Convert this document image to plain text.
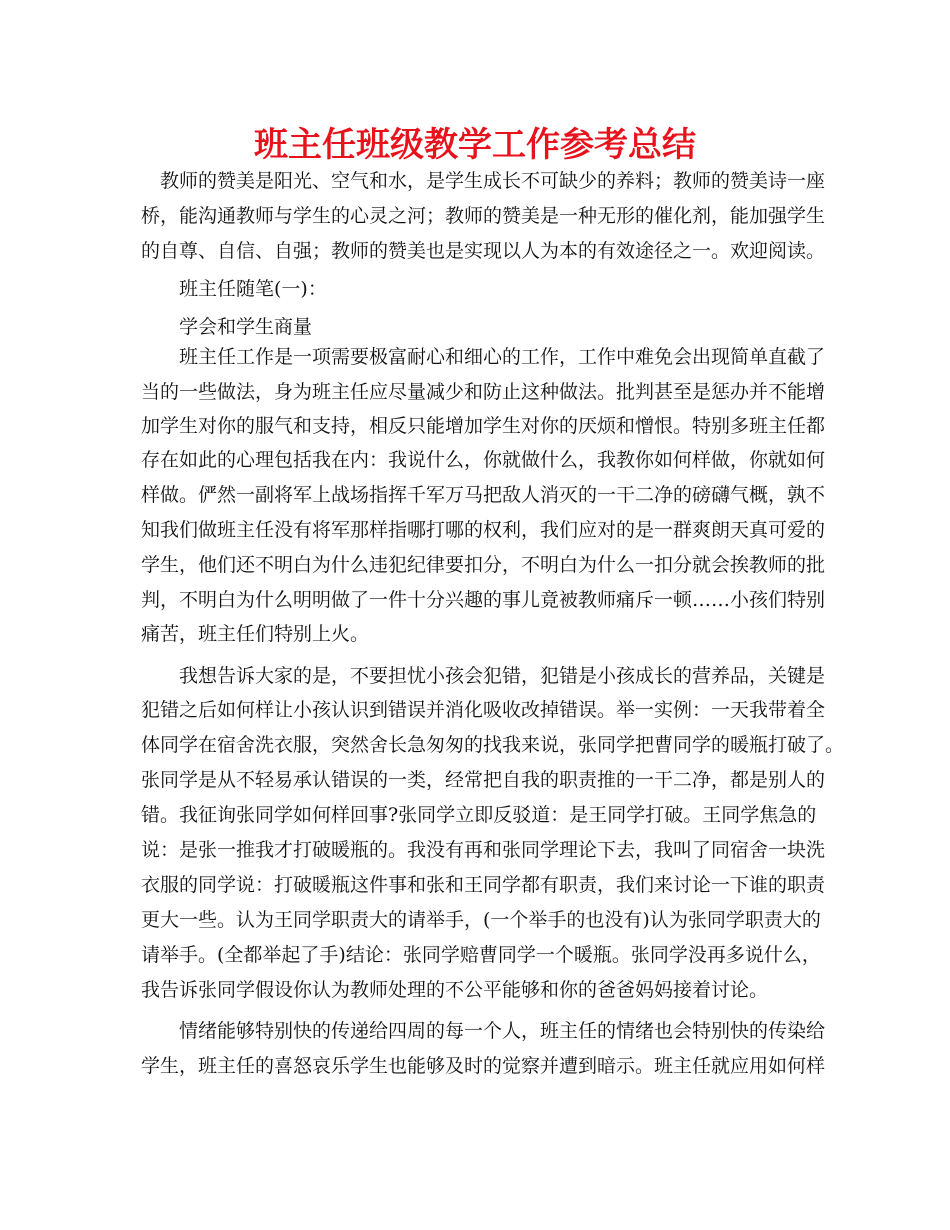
班主任班级教学工作参考总结
教师的赞美是阳光、空气和水，是学生成长不可缺少的养料；教师的赞美诗一座
桥，能沟通教师与学生的心灵之河；教师的赞美是一种无形的催化剂，能加强学生
的自尊、自信、自强；教师的赞美也是实现以人为本的有效途径之一。欢迎阅读。
班主任随笔(一)：
学会和学生商量
班主任工作是一项需要极富耐心和细心的工作，工作中难免会出现简单直截了
当的一些做法，身为班主任应尽量减少和防止这种做法。批判甚至是惩办并不能增
加学生对你的服气和支持，相反只能增加学生对你的厌烦和憎恨。特别多班主任都
存在如此的心理包括我在内：我说什么，你就做什么，我教你如何样做，你就如何
样做。俨然一副将军上战场指挥千军万马把敌人消灭的一干二净的磅礴气概，孰不
知我们做班主任没有将军那样指哪打哪的权利，我们应对的是一群爽朗天真可爱的
学生，他们还不明白为什么违犯纪律要扣分，不明白为什么一扣分就会挨教师的批
判，不明白为什么明明做了一件十分兴趣的事儿竟被教师痛斥一顿……小孩们特别
痛苦，班主任们特别上火。
我想告诉大家的是，不要担忧小孩会犯错，犯错是小孩成长的营养品，关键是
犯错之后如何样让小孩认识到错误并消化吸收改掉错误。举一实例：一天我带着全
体同学在宿舍洗衣服，突然舍长急匆匆的找我来说，张同学把曹同学的暖瓶打破了。
张同学是从不轻易承认错误的一类，经常把自我的职责推的一干二净，都是别人的
错。我征询张同学如何样回事?张同学立即反驳道：是王同学打破。王同学焦急的
说：是张一推我才打破暖瓶的。我没有再和张同学理论下去，我叫了同宿舍一块洗
衣服的同学说：打破暖瓶这件事和张和王同学都有职责，我们来讨论一下谁的职责
更大一些。认为王同学职责大的请举手，(一个举手的也没有)认为张同学职责大的
请举手。(全都举起了手)结论：张同学赔曹同学一个暖瓶。张同学没再多说什么，
我告诉张同学假设你认为教师处理的不公平能够和你的爸爸妈妈接着讨论。
情绪能够特别快的传递给四周的每一个人，班主任的情绪也会特别快的传染给
学生，班主任的喜怒哀乐学生也能够及时的觉察并遭到暗示。班主任就应用如何样
